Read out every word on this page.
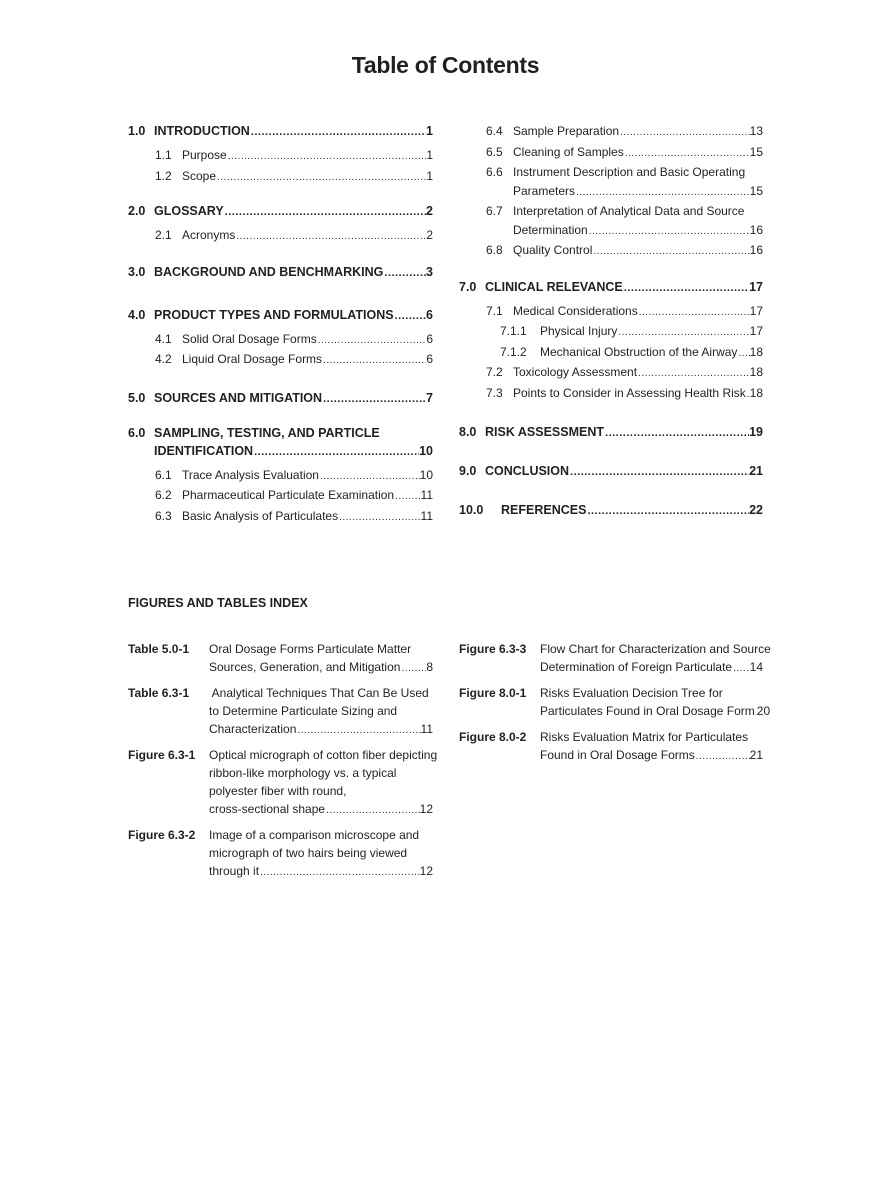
Table of Contents
1.0 INTRODUCTION .....	1
1.1 Purpose .....	1
1.2 Scope .....	1
2.0 GLOSSARY .....	2
2.1 Acronyms .....	2
3.0 BACKGROUND AND BENCHMARKING .....	3
4.0 PRODUCT TYPES AND FORMULATIONS .....	6
4.1 Solid Oral Dosage Forms .....	6
4.2 Liquid Oral Dosage Forms .....	6
5.0 SOURCES AND MITIGATION .....	7
6.0 SAMPLING, TESTING, AND PARTICLE
IDENTIFICATION .....	10
6.1 Trace Analysis Evaluation .....	10
6.2 Pharmaceutical Particulate Examination ..... 11
6.3 Basic Analysis of Particulates .....	11
6.4 Sample Preparation .....	13
6.5 Cleaning of Samples .....	15
6.6 Instrument Description and Basic Operating
Parameters .....	15
6.7 Interpretation of Analytical Data and Source
Determination .....	16
6.8 Quality Control .....	16
7.0 CLINICAL RELEVANCE .....	17
7.1 Medical Considerations .....	17
7.1.1	Physical Injury .....	17
7.1.2	Mechanical Obstruction of the Airway ..... 18
7.2 Toxicology Assessment .....	18
7.3 Points to Consider in Assessing Health Risk ..... 18
8.0 RISK ASSESSMENT .....	19
9.0 CONCLUSION .....	21
10.0	REFERENCES .....	22
FIGURES AND TABLES INDEX
Table 5.0-1	Oral Dosage Forms Particulate Matter
Sources, Generation, and Mitigation ..... 8
Table 6.3-1	Analytical Techniques That Can Be Used
to Determine Particulate Sizing and
Characterization .....	11
Figure 6.3-1	Optical micrograph of cotton fiber depicting
ribbon-like morphology vs. a typical
polyester fiber with round,
cross-sectional shape .....	12
Figure 6.3-2	Image of a comparison microscope and
micrograph of two hairs being viewed
through it .....	12
Figure 6.3-3	Flow Chart for Characterization and Source
Determination of Foreign Particulate ..... 14
Figure 8.0-1	Risks Evaluation Decision Tree for
Particulates Found in Oral Dosage Form ..... 20
Figure 8.0-2	Risks Evaluation Matrix for Particulates
Found in Oral Dosage Forms .....	21
